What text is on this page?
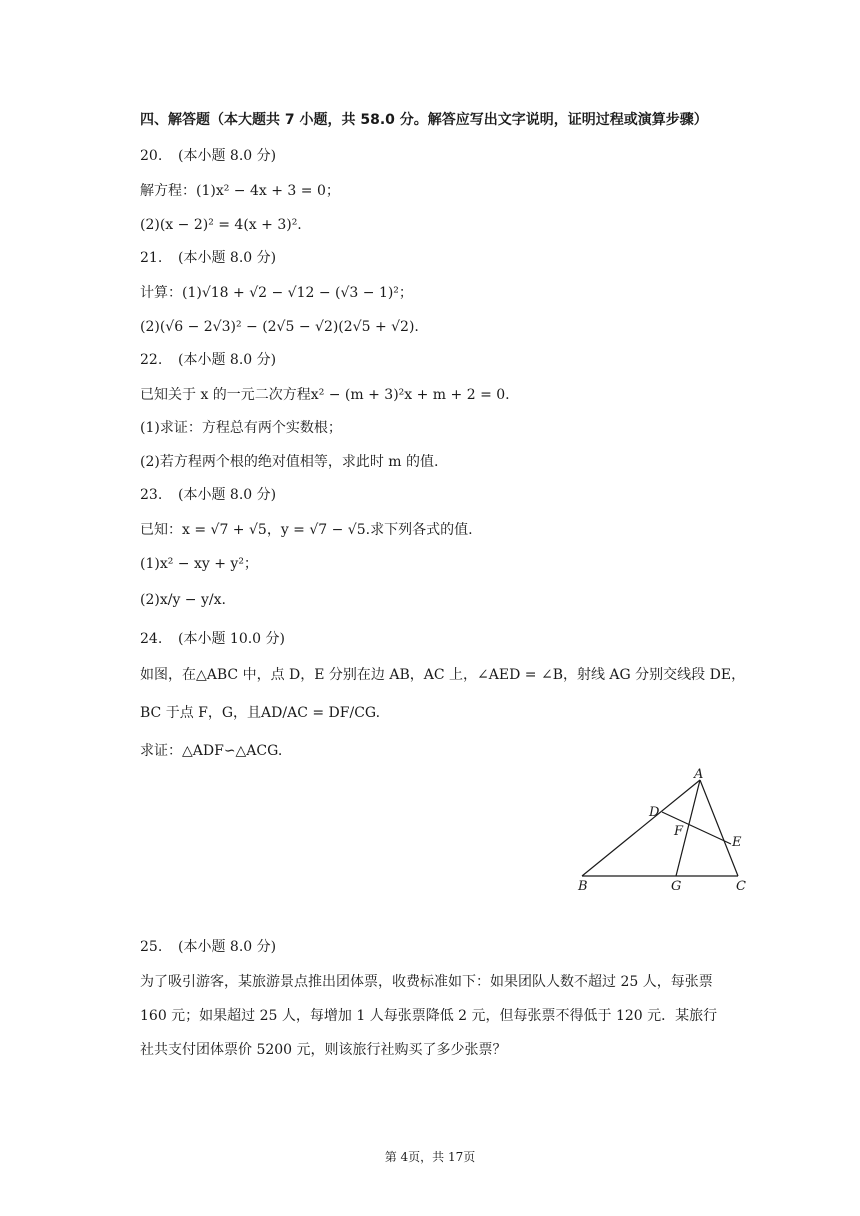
四、解答题（本大题共 7 小题，共 58.0 分。解答应写出文字说明，证明过程或演算步骤）
20. (本小题 8.0 分)
解方程：(1)x² − 4x + 3 = 0；
(2)(x − 2)² = 4(x + 3)².
21. (本小题 8.0 分)
计算：(1)√18 + √2 − √12 − (√3 − 1)²；
(2)(√6 − 2√3)² − (2√5 − √2)(2√5 + √2).
22. (本小题 8.0 分)
已知关于 x 的一元二次方程x² − (m + 3)²x + m + 2 = 0.
(1)求证：方程总有两个实数根；
(2)若方程两个根的绝对值相等，求此时 m 的值.
23. (本小题 8.0 分)
已知：x = √7 + √5，y = √7 − √5.求下列各式的值.
(1)x² − xy + y²；
(2)x/y − y/x.
24. (本小题 10.0 分)
如图，在△ABC 中，点 D，E 分别在边 AB，AC 上，∠AED = ∠B，射线 AG 分别交线段 DE，
BC 于点 F，G，且AD/AC = DF/CG.
求证：△ADF∽△ACG.
A
B	C
D
E
F
G
25. (本小题 8.0 分)
为了吸引游客，某旅游景点推出团体票，收费标准如下：如果团队人数不超过 25 人，每张票
160 元；如果超过 25 人，每增加 1 人每张票降低 2 元，但每张票不得低于 120 元．某旅行
社共支付团体票价 5200 元，则该旅行社购买了多少张票？
第 4页，共 17页
